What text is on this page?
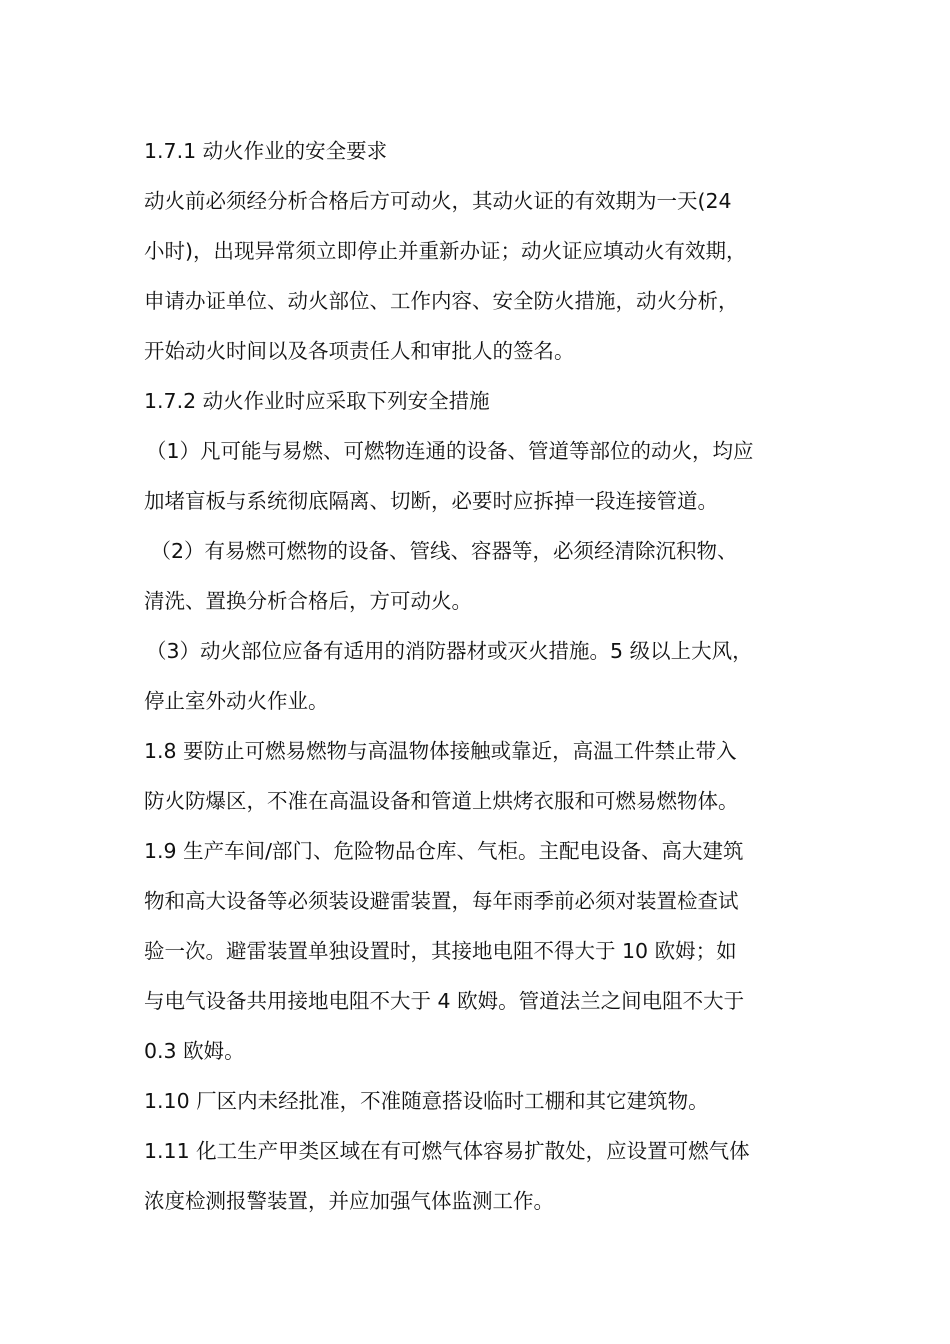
1.7.1 动火作业的安全要求
动火前必须经分析合格后方可动火，其动火证的有效期为一天(24
小时)，出现异常须立即停止并重新办证；动火证应填动火有效期，
申请办证单位、动火部位、工作内容、安全防火措施，动火分析，
开始动火时间以及各项责任人和审批人的签名。
1.7.2 动火作业时应采取下列安全措施
（1）凡可能与易燃、可燃物连通的设备、管道等部位的动火，均应
加堵盲板与系统彻底隔离、切断，必要时应拆掉一段连接管道。
（2）有易燃可燃物的设备、管线、容器等，必须经清除沉积物、
清洗、置换分析合格后，方可动火。
（3）动火部位应备有适用的消防器材或灭火措施。5 级以上大风，
停止室外动火作业。
1.8 要防止可燃易燃物与高温物体接触或靠近，高温工件禁止带入
防火防爆区，不准在高温设备和管道上烘烤衣服和可燃易燃物体。
1.9 生产车间/部门、危险物品仓库、气柜。主配电设备、高大建筑
物和高大设备等必须装设避雷装置，每年雨季前必须对装置检查试
验一次。避雷装置单独设置时，其接地电阻不得大于 10 欧姆；如
与电气设备共用接地电阻不大于 4 欧姆。管道法兰之间电阻不大于
0.3 欧姆。
1.10 厂区内未经批准，不准随意搭设临时工棚和其它建筑物。
1.11 化工生产甲类区域在有可燃气体容易扩散处，应设置可燃气体
浓度检测报警装置，并应加强气体监测工作。
